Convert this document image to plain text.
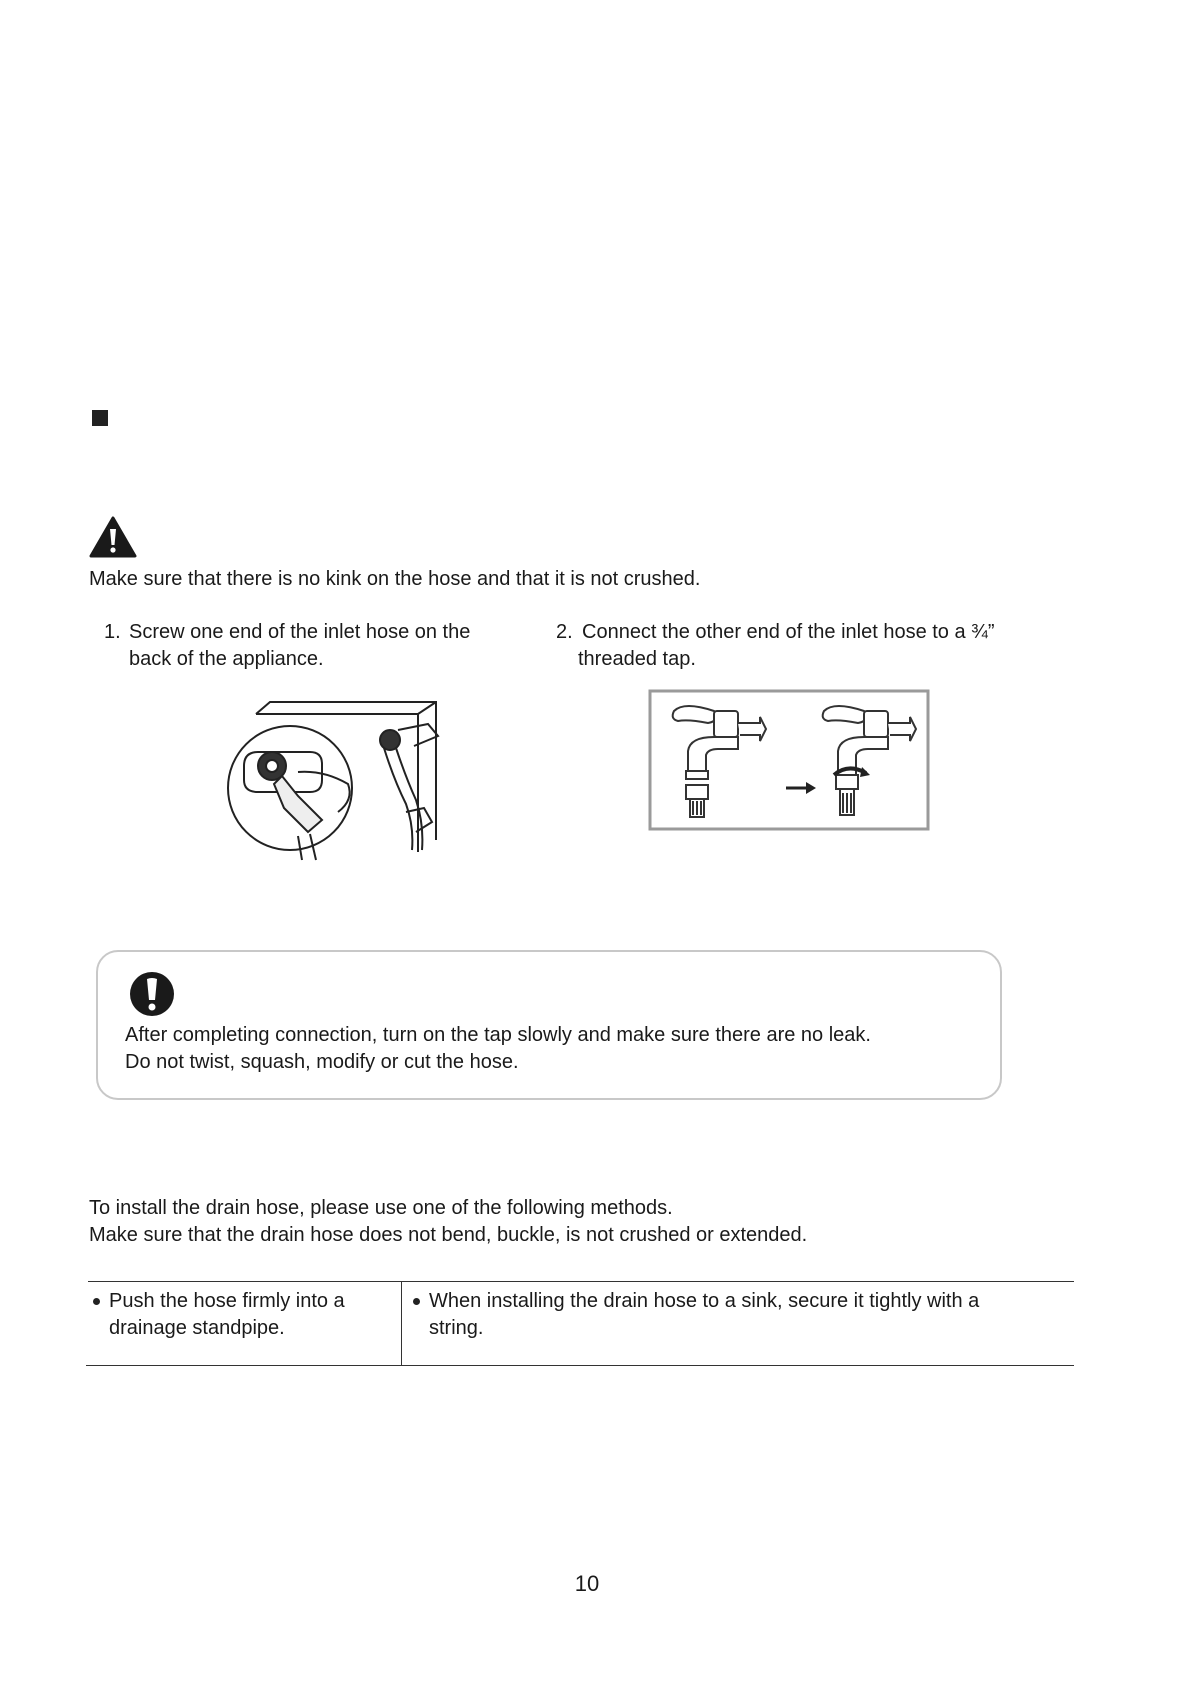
Make sure that there is no kink on the hose and that it is not crushed.
1. Screw one end of the inlet hose on the
back of the appliance.
2. Connect the other end of the inlet hose to a ¾”
threaded tap.
After completing connection, turn on the tap slowly and make sure there are no leak.
Do not twist, squash, modify or cut the hose.
To install the drain hose, please use one of the following methods.
Make sure that the drain hose does not bend, buckle, is not crushed or extended.
Push the hose firmly into a
drainage standpipe.
When installing the drain hose to a sink, secure it tightly with a
string.
10
